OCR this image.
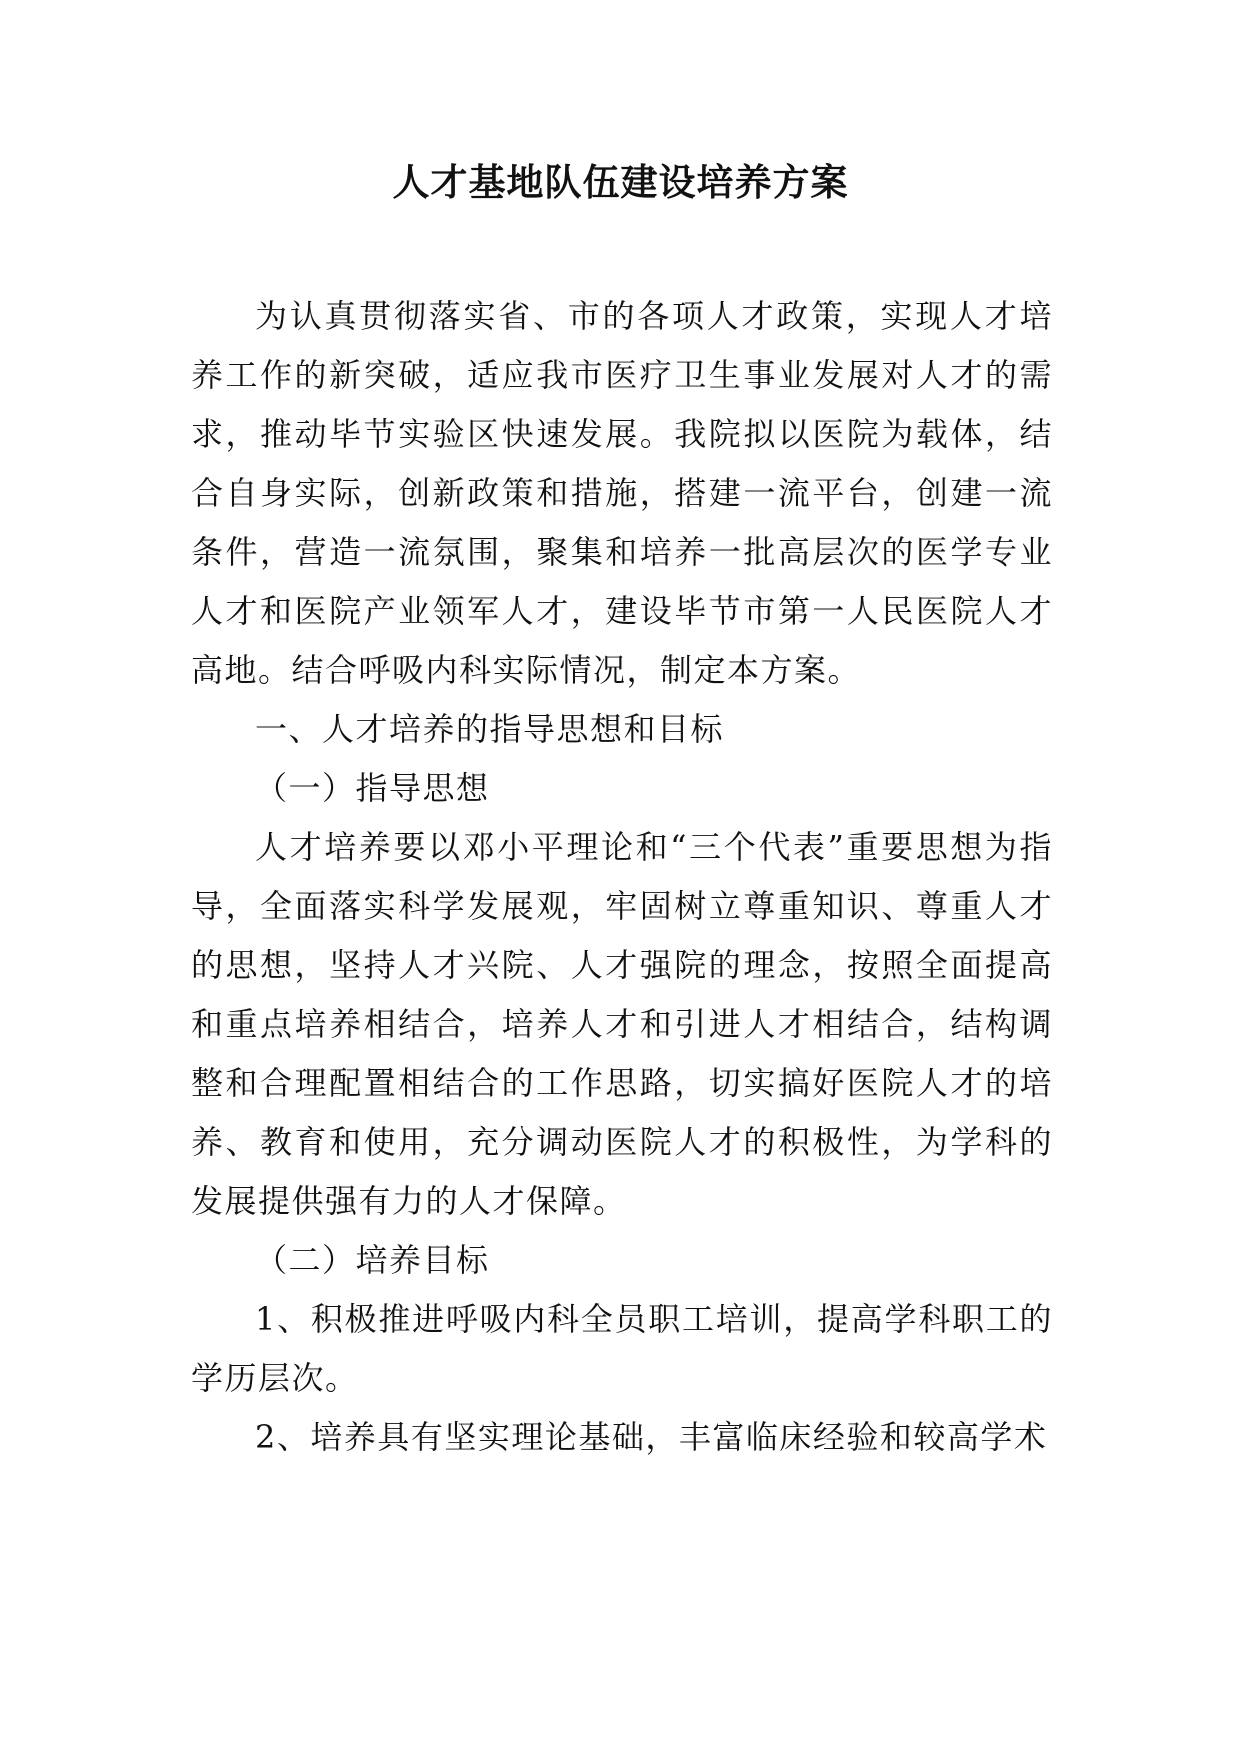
人才基地队伍建设培养方案

为认真贯彻落实省、市的各项人才政策，实现人才培养工作的新突破，适应我市医疗卫生事业发展对人才的需求，推动毕节实验区快速发展。我院拟以医院为载体，结合自身实际，创新政策和措施，搭建一流平台，创建一流条件，营造一流氛围，聚集和培养一批高层次的医学专业人才和医院产业领军人才，建设毕节市第一人民医院人才高地。结合呼吸内科实际情况，制定本方案。

一、人才培养的指导思想和目标

（一）指导思想

人才培养要以邓小平理论和“三个代表”重要思想为指导，全面落实科学发展观，牢固树立尊重知识、尊重人才的思想，坚持人才兴院、人才强院的理念，按照全面提高和重点培养相结合，培养人才和引进人才相结合，结构调整和合理配置相结合的工作思路，切实搞好医院人才的培养、教育和使用，充分调动医院人才的积极性，为学科的发展提供强有力的人才保障。

（二）培养目标

1、积极推进呼吸内科全员职工培训，提高学科职工的学历层次。

2、培养具有坚实理论基础，丰富临床经验和较高学术
